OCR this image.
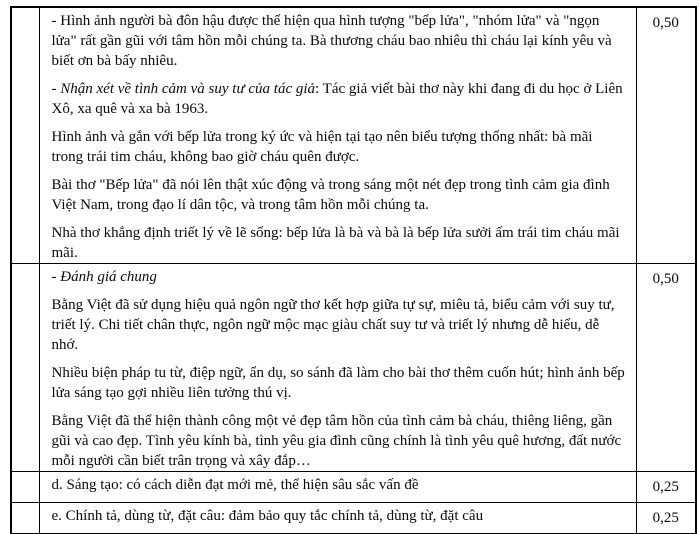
	- Hình ảnh người bà đôn hậu được thể hiện qua hình tượng "bếp lửa", "nhóm lửa" và "ngọn lửa" rất gần gũi với tâm hồn mỗi chúng ta. Bà thương cháu bao nhiêu thì cháu lại kính yêu và biết ơn bà bấy nhiêu.

- Nhận xét về tình cảm và suy tư của tác giả: Tác giả viết bài thơ này khi đang đi du học ở Liên Xô, xa quê và xa bà 1963.

Hình ảnh và gắn với bếp lửa trong ký ức và hiện tại tạo nên biểu tượng thống nhất: bà mãi trong trái tim cháu, không bao giờ cháu quên được.

Bài thơ "Bếp lửa" đã nói lên thật xúc động và trong sáng một nét đẹp trong tình cảm gia đình Việt Nam, trong đạo lí dân tộc, và trong tâm hồn mỗi chúng ta.

Nhà thơ khẳng định triết lý về lẽ sống: bếp lửa là bà và bà là bếp lửa sưởi ấm trái tim cháu mãi mãi.	0,50

	- Đánh giá chung

Bằng Việt đã sử dụng hiệu quả ngôn ngữ thơ kết hợp giữa tự sự, miêu tả, biểu cảm với suy tư, triết lý. Chi tiết chân thực, ngôn ngữ mộc mạc giàu chất suy tư và triết lý nhưng dễ hiểu, dễ nhớ.

Nhiều biện pháp tu từ, điệp ngữ, ẩn dụ, so sánh đã làm cho bài thơ thêm cuốn hút; hình ảnh bếp lửa sáng tạo gợi nhiều liên tưởng thú vị.

Bằng Việt đã thể hiện thành công một vẻ đẹp tâm hồn của tình cảm bà cháu, thiêng liêng, gần gũi và cao đẹp. Tình yêu kính bà, tình yêu gia đình cũng chính là tình yêu quê hương, đất nước mỗi người cần biết trân trọng và xây đắp…	0,50

	d. Sáng tạo: có cách diễn đạt mới mẻ, thể hiện sâu sắc vấn đề	0,25

	e. Chính tả, dùng từ, đặt câu: đảm bảo quy tắc chính tả, dùng từ, đặt câu	0,25
